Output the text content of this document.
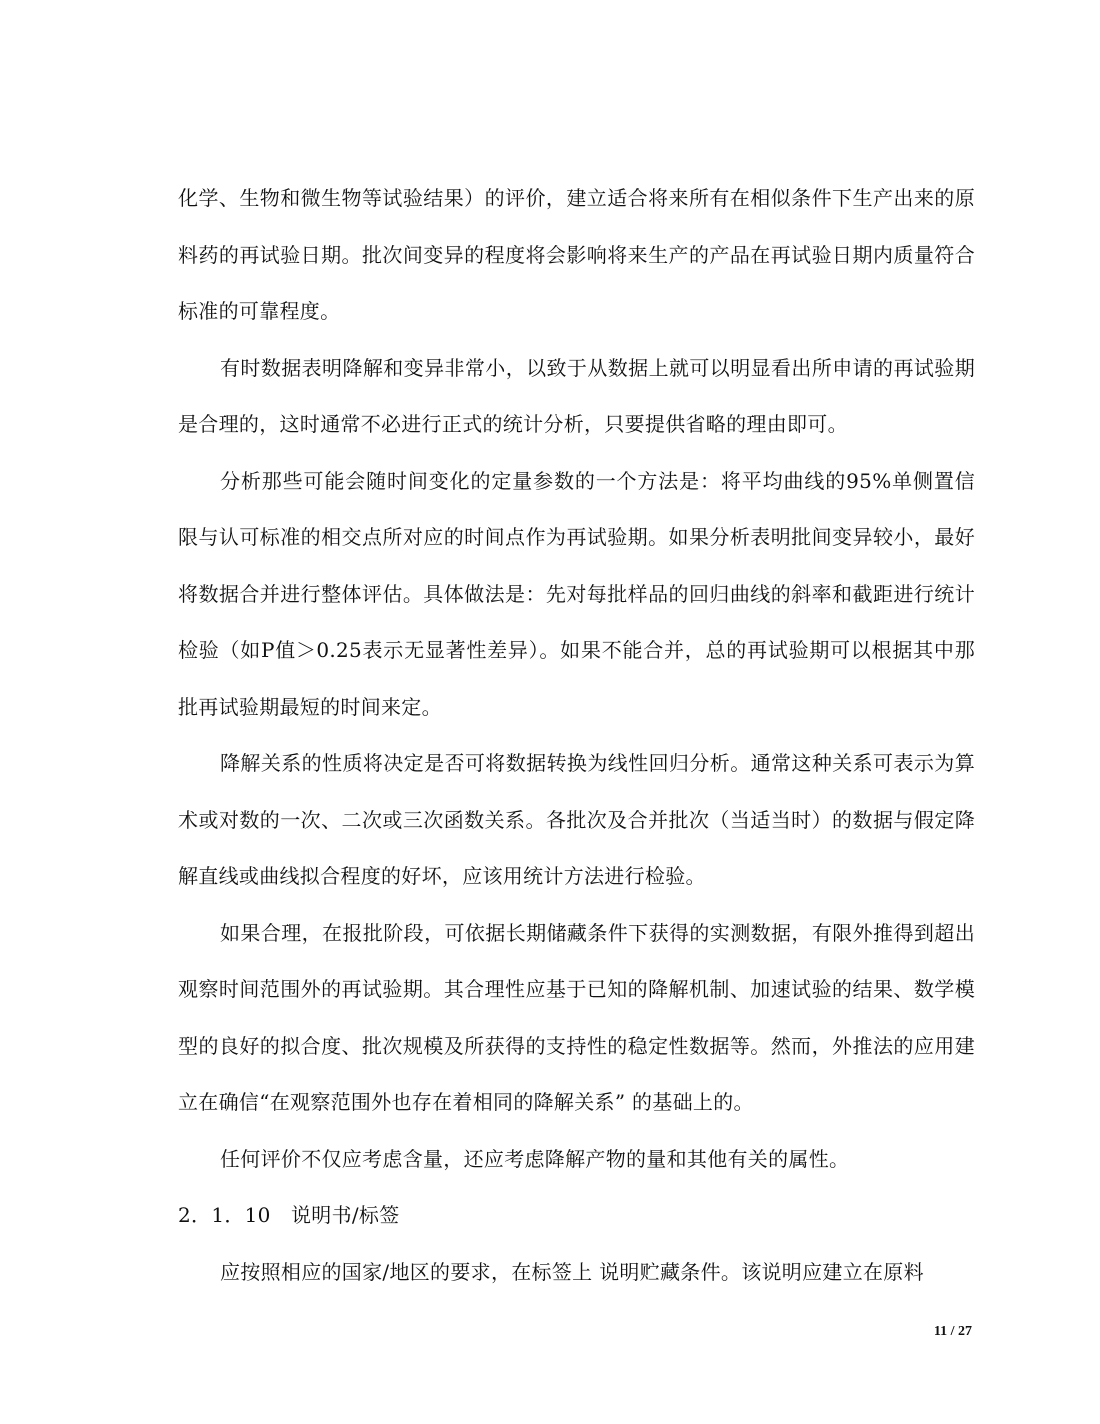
化学、生物和微生物等试验结果）的评价，建立适合将来所有在相似条件下生产出来的原料药的再试验日期。批次间变异的程度将会影响将来生产的产品在再试验日期内质量符合标准的可靠程度。

有时数据表明降解和变异非常小，以致于从数据上就可以明显看出所申请的再试验期是合理的，这时通常不必进行正式的统计分析，只要提供省略的理由即可。

分析那些可能会随时间变化的定量参数的一个方法是：将平均曲线的95%单侧置信限与认可标准的相交点所对应的时间点作为再试验期。如果分析表明批间变异较小，最好将数据合并进行整体评估。具体做法是：先对每批样品的回归曲线的斜率和截距进行统计检验（如P值＞0.25表示无显著性差异）。如果不能合并，总的再试验期可以根据其中那批再试验期最短的时间来定。

降解关系的性质将决定是否可将数据转换为线性回归分析。通常这种关系可表示为算术或对数的一次、二次或三次函数关系。各批次及合并批次（当适当时）的数据与假定降解直线或曲线拟合程度的好坏，应该用统计方法进行检验。

如果合理，在报批阶段，可依据长期储藏条件下获得的实测数据，有限外推得到超出观察时间范围外的再试验期。其合理性应基于已知的降解机制、加速试验的结果、数学模型的良好的拟合度、批次规模及所获得的支持性的稳定性数据等。然而，外推法的应用建立在确信“在观察范围外也存在着相同的降解关系” 的基础上的。

任何评价不仅应考虑含量，还应考虑降解产物的量和其他有关的属性。

2．1．10　说明书/标签

应按照相应的国家/地区的要求，在标签上 说明贮藏条件。该说明应建立在原料

11 / 27
